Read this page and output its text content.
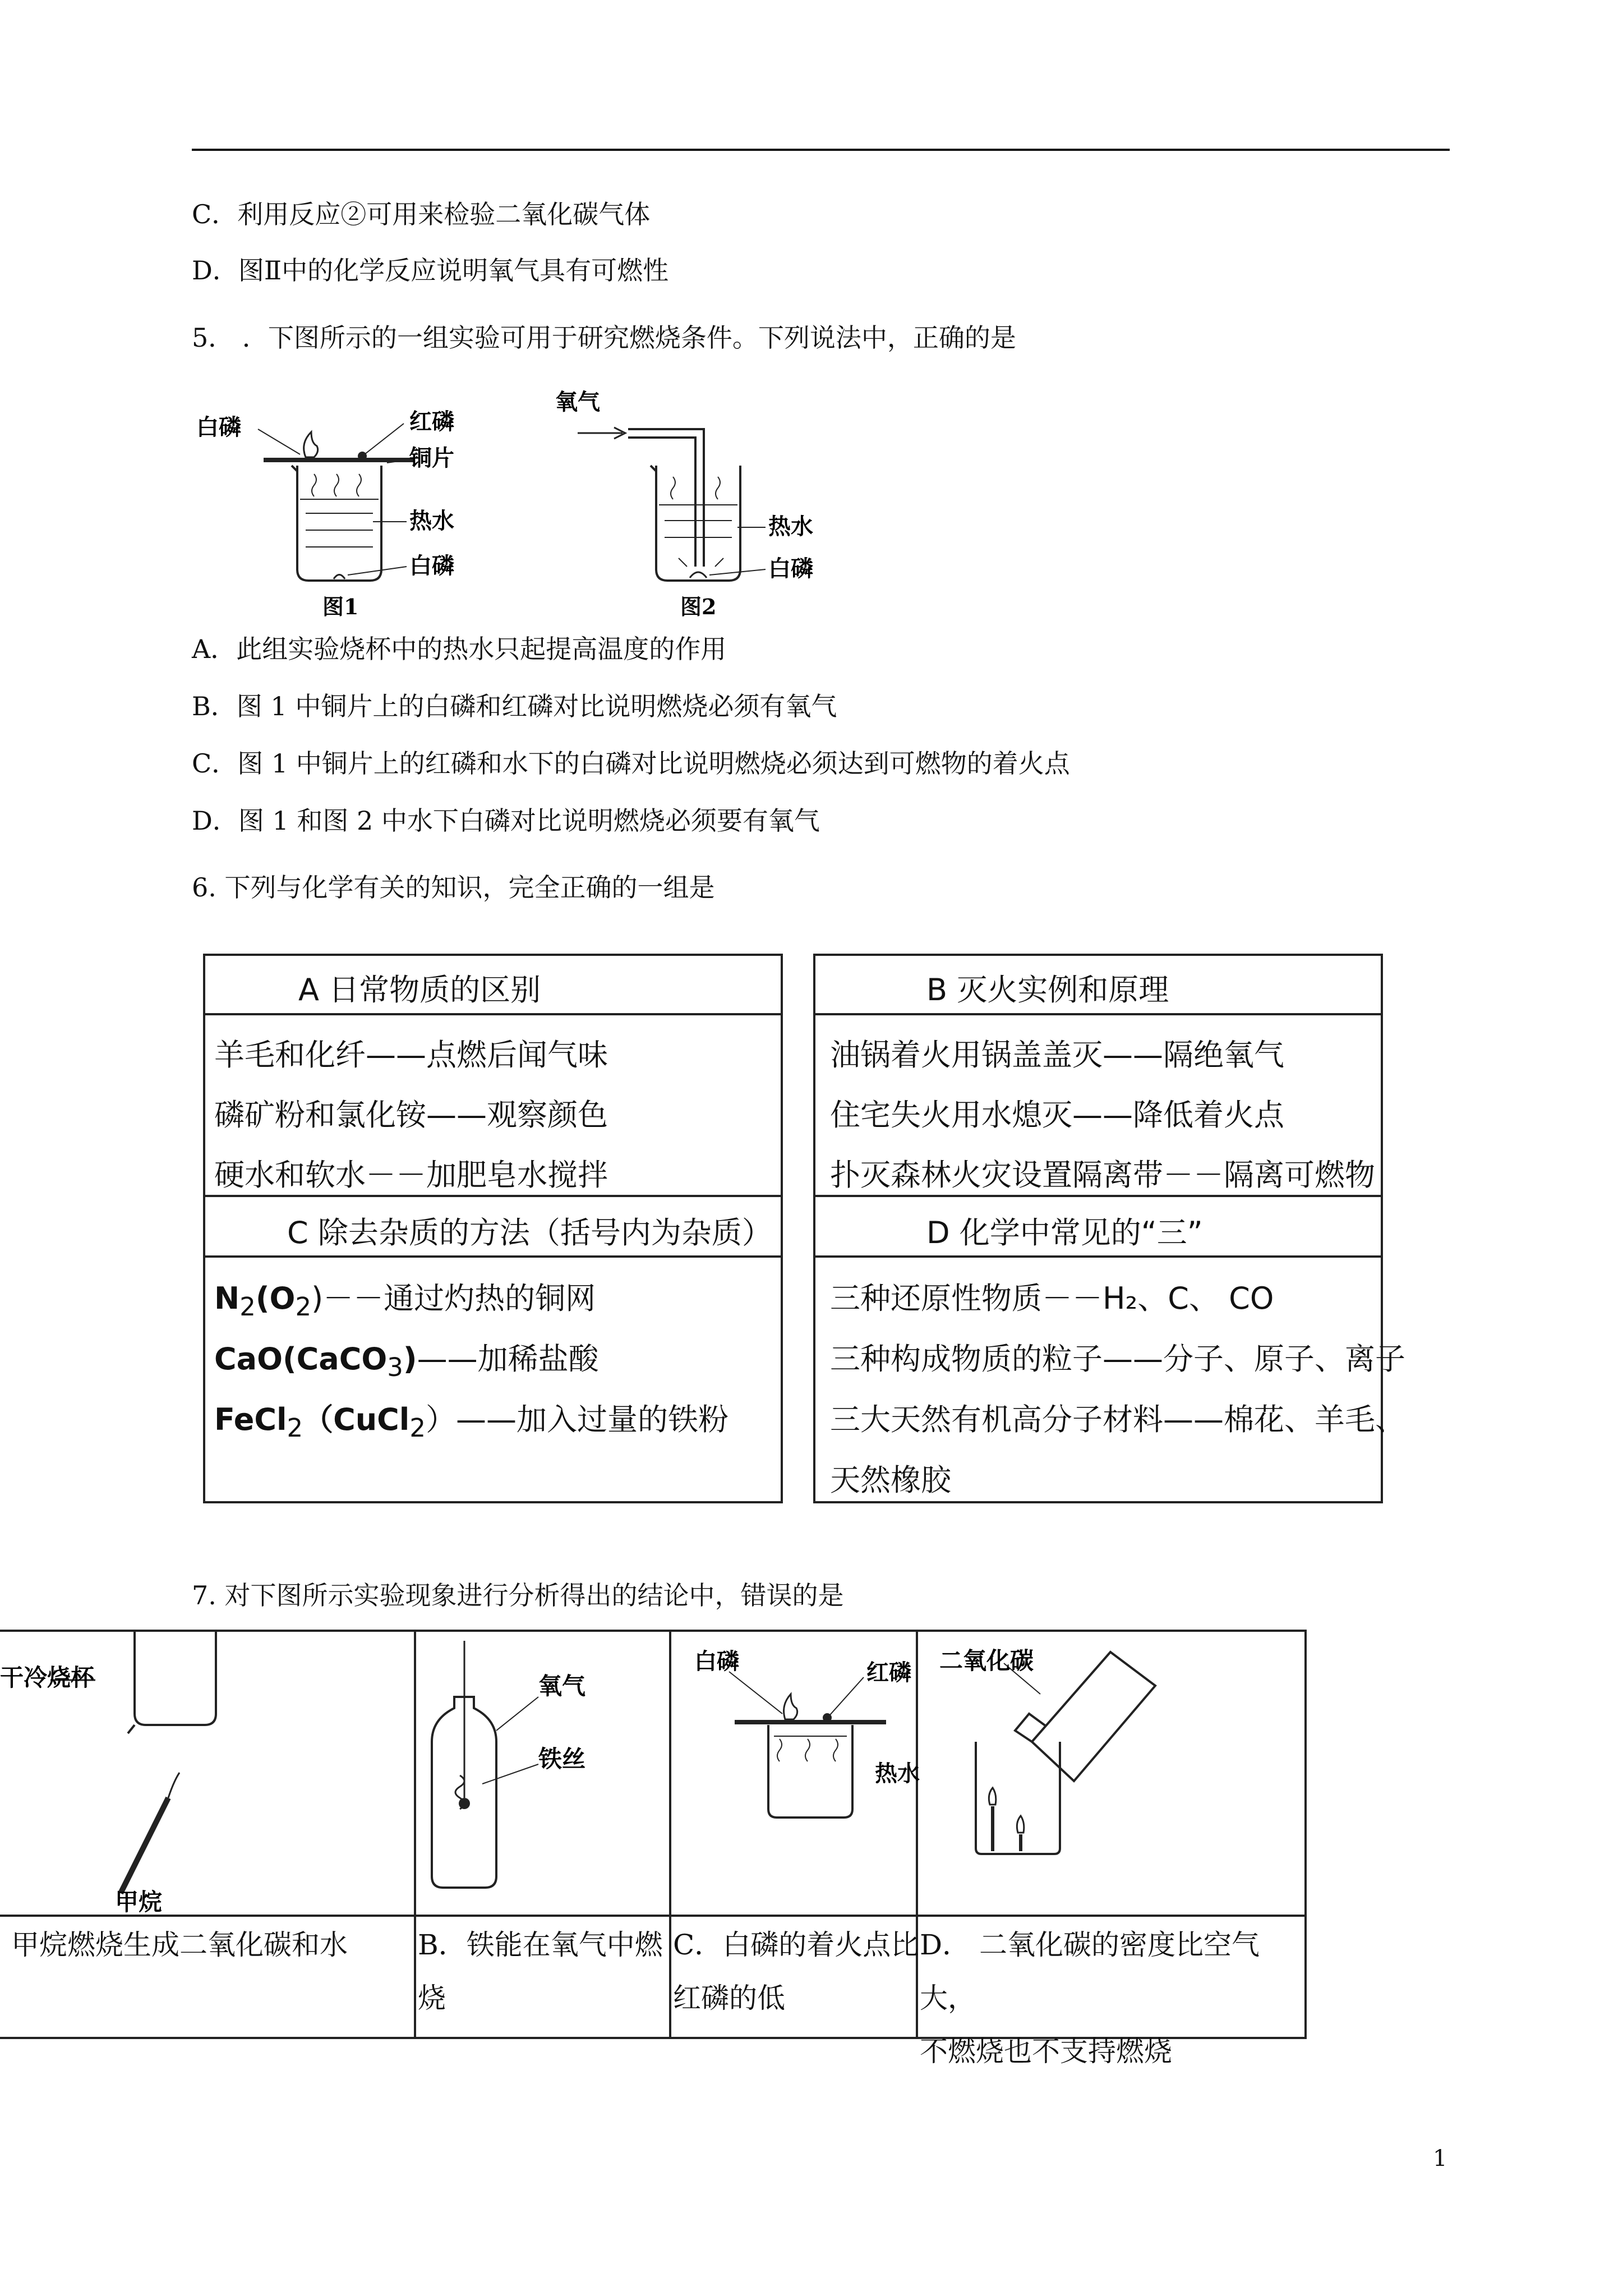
C．利用反应②可用来检验二氧化碳气体
D．图Ⅱ中的化学反应说明氧气具有可燃性
5． ．下图所示的一组实验可用于研究燃烧条件。下列说法中，正确的是
白磷	红磷
铜片
热水
白磷
图1
氧气
热水
白磷
图2
A．此组实验烧杯中的热水只起提高温度的作用
B．图 1 中铜片上的白磷和红磷对比说明燃烧必须有氧气
C．图 1 中铜片上的红磷和水下的白磷对比说明燃烧必须达到可燃物的着火点
D．图 1 和图 2 中水下白磷对比说明燃烧必须要有氧气
6. 下列与化学有关的知识，完全正确的一组是
A 日常物质的区别
羊毛和化纤——点燃后闻气味
磷矿粉和氯化铵——观察颜色
硬水和软水－－加肥皂水搅拌
B 灭火实例和原理
油锅着火用锅盖盖灭——隔绝氧气
住宅失火用水熄灭——降低着火点
扑灭森林火灾设置隔离带－－隔离可燃物
C 除去杂质的方法（括号内为杂质）
$N_2(O_2)--$通过灼热的铜网
CaO(CaCO$_3$)——加稀盐酸
FeCl$_2$（CuCl$_2$）——加入过量的铁粉
D 化学中常见的“三”
三种还原性物质－－H₂、C、 CO
三种构成物质的粒子——分子、原子、离子
三大天然有机高分子材料——棉花、羊毛、
天然橡胶
7. 对下图所示实验现象进行分析得出的结论中，错误的是
干冷烧杯
甲烷
氧气
铁丝
白磷	红磷
热水
二氧化碳
甲烷燃烧生成二氧化碳和水	B．铁能在氧气中燃
烧
C．白磷的着火点比
红磷的低
D． 二氧化碳的密度比空气大，
不燃烧也不支持燃烧
1
